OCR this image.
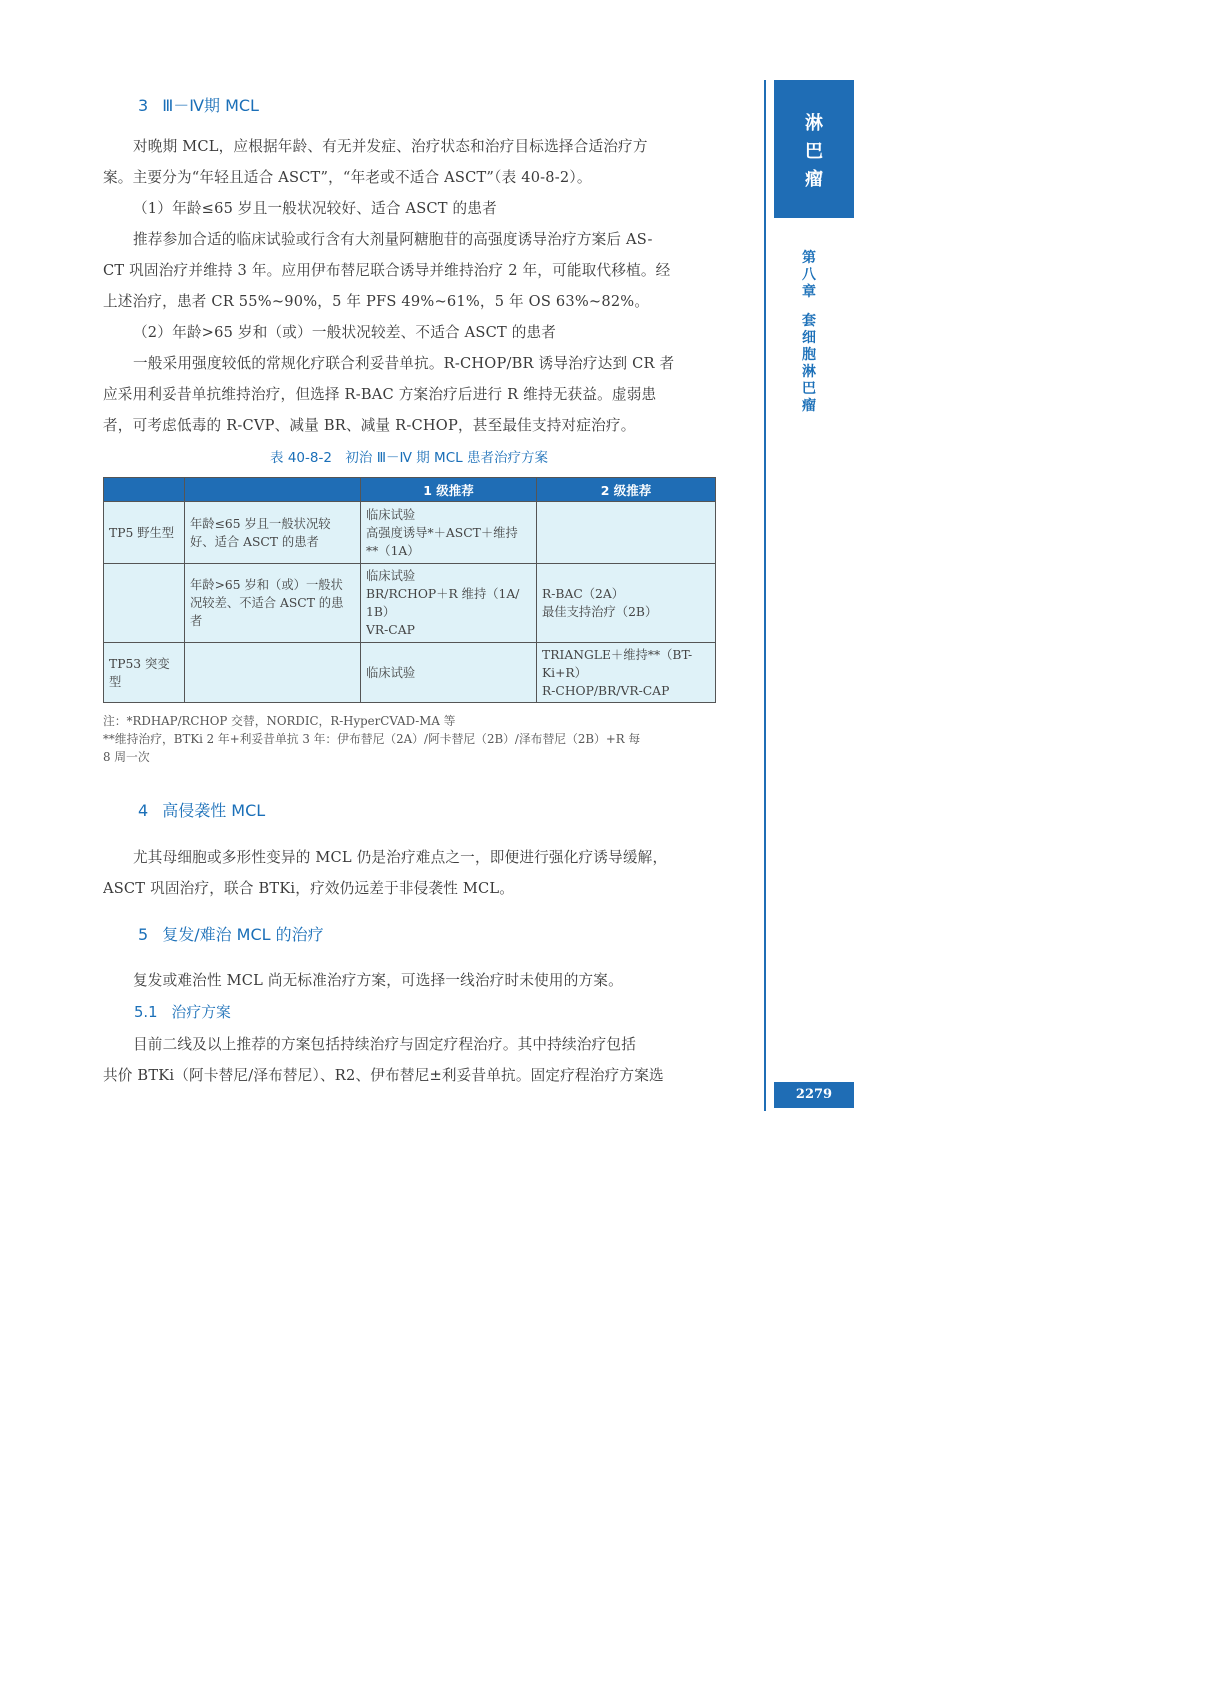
3 Ⅲ－Ⅳ期 MCL
对晚期 MCL，应根据年龄、有无并发症、治疗状态和治疗目标选择合适治疗方
案。主要分为“年轻且适合 ASCT”，“年老或不适合 ASCT”（表 40-8-2）。
（1）年龄≤65 岁且一般状况较好、适合 ASCT 的患者
推荐参加合适的临床试验或行含有大剂量阿糖胞苷的高强度诱导治疗方案后 AS-
CT 巩固治疗并维持 3 年。应用伊布替尼联合诱导并维持治疗 2 年，可能取代移植。经
上述治疗，患者 CR 55%~90%，5 年 PFS 49%~61%，5 年 OS 63%~82%。
（2）年龄>65 岁和（或）一般状况较差、不适合 ASCT 的患者
一般采用强度较低的常规化疗联合利妥昔单抗。R-CHOP/BR 诱导治疗达到 CR 者
应采用利妥昔单抗维持治疗，但选择 R-BAC 方案治疗后进行 R 维持无获益。虚弱患
者，可考虑低毒的 R-CVP、减量 BR、减量 R-CHOP，甚至最佳支持对症治疗。
表 40-8-2　初治 Ⅲ－Ⅳ 期 MCL 患者治疗方案
		1 级推荐	2 级推荐

TP5 野生型	年龄≤65 岁且一般状况较
好、适合 ASCT 的患者	临床试验
高强度诱导*＋ASCT＋维持
**（1A）	

	年龄>65 岁和（或）一般状
况较差、不适合 ASCT 的患
者	临床试验
BR/RCHOP＋R 维持（1A/
1B）
VR-CAP	R-BAC（2A）
最佳支持治疗（2B）

TP53 突变
型		临床试验	TRIANGLE＋维持**（BT-
Ki+R）
R-CHOP/BR/VR-CAP
注：*RDHAP/RCHOP 交替，NORDIC，R-HyperCVAD-MA 等
**维持治疗，BTKi 2 年+利妥昔单抗 3 年：伊布替尼（2A）/阿卡替尼（2B）/泽布替尼（2B）+R 每
8 周一次
4 高侵袭性 MCL
尤其母细胞或多形性变异的 MCL 仍是治疗难点之一，即便进行强化疗诱导缓解，
ASCT 巩固治疗，联合 BTKi，疗效仍远差于非侵袭性 MCL。
5 复发/难治 MCL 的治疗
复发或难治性 MCL 尚无标准治疗方案，可选择一线治疗时未使用的方案。
5.1 治疗方案
目前二线及以上推荐的方案包括持续治疗与固定疗程治疗。其中持续治疗包括
共价 BTKi（阿卡替尼/泽布替尼）、R2、伊布替尼±利妥昔单抗。固定疗程治疗方案选
淋
巴
瘤
第
八
章
套
细
胞
淋
巴
瘤
2279
